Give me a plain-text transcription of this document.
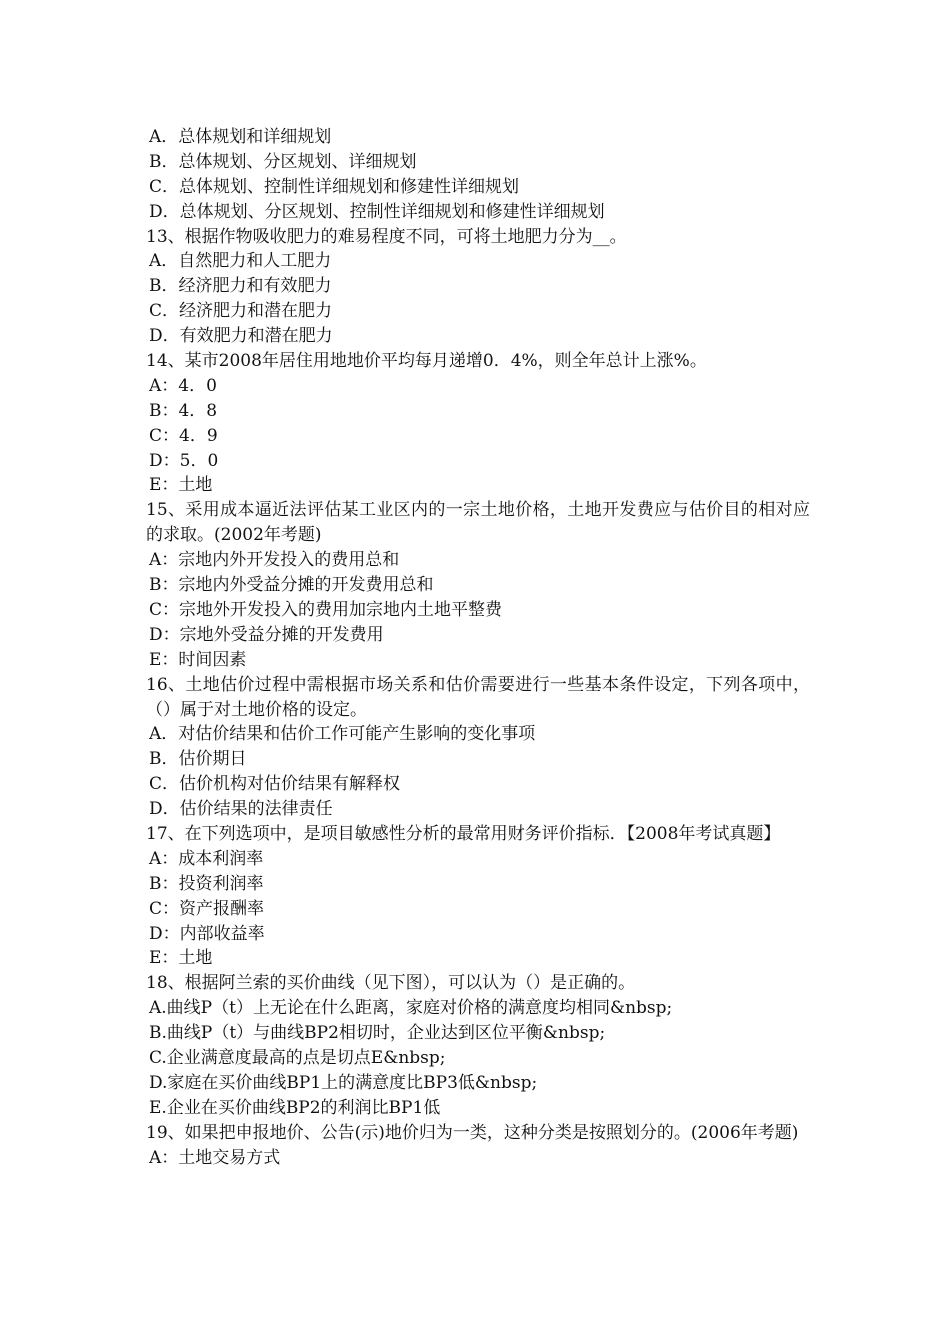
A．总体规划和详细规划
B．总体规划、分区规划、详细规划
C．总体规划、控制性详细规划和修建性详细规划
D．总体规划、分区规划、控制性详细规划和修建性详细规划
13、根据作物吸收肥力的难易程度不同，可将土地肥力分为__。
A．自然肥力和人工肥力
B．经济肥力和有效肥力
C．经济肥力和潜在肥力
D．有效肥力和潜在肥力
14、某市2008年居住用地地价平均每月递增0．4%，则全年总计上涨%。
A：4．0
B：4．8
C：4．9
D：5．0
E：土地
15、采用成本逼近法评估某工业区内的一宗土地价格，土地开发费应与估价目的相对应的求取。(2002年考题)
A：宗地内外开发投入的费用总和
B：宗地内外受益分摊的开发费用总和
C：宗地外开发投入的费用加宗地内土地平整费
D：宗地外受益分摊的开发费用
E：时间因素
16、土地估价过程中需根据市场关系和估价需要进行一些基本条件设定，下列各项中，（）属于对土地价格的设定。
A．对估价结果和估价工作可能产生影响的变化事项
B．估价期日
C．估价机构对估价结果有解释权
D．估价结果的法律责任
17、在下列选项中，是项目敏感性分析的最常用财务评价指标．【2008年考试真题】
A：成本利润率
B：投资利润率
C：资产报酬率
D：内部收益率
E：土地
18、根据阿兰索的买价曲线（见下图），可以认为（）是正确的。
A.曲线P（t）上无论在什么距离，家庭对价格的满意度均相同&nbsp;
B.曲线P（t）与曲线BP2相切时，企业达到区位平衡&nbsp;
C.企业满意度最高的点是切点E&nbsp;
D.家庭在买价曲线BP1上的满意度比BP3低&nbsp;
E.企业在买价曲线BP2的利润比BP1低
19、如果把申报地价、公告(示)地价归为一类，这种分类是按照划分的。(2006年考题)
A：土地交易方式
